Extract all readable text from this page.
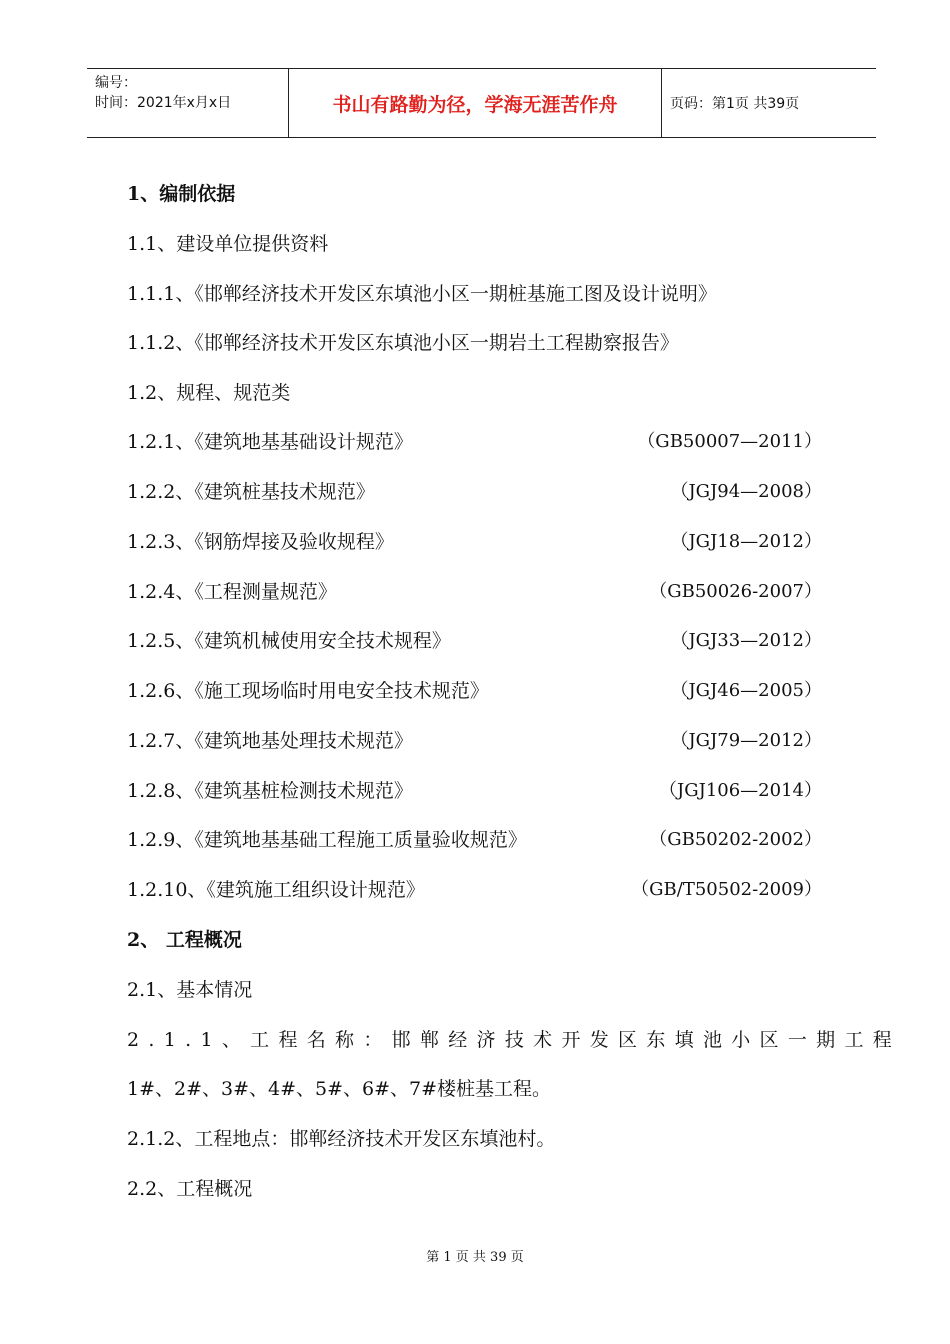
编号：
时间：2021年x月x日	书山有路勤为径，学海无涯苦作舟	页码：第1页 共39页
1、编制依据
1.1、建设单位提供资料
1.1.1、《邯郸经济技术开发区东填池小区一期桩基施工图及设计说明》
1.1.2、《邯郸经济技术开发区东填池小区一期岩土工程勘察报告》
1.2、规程、规范类
1.2.1、《建筑地基基础设计规范》	（GB50007—2011）
1.2.2、《建筑桩基技术规范》	（JGJ94—2008）
1.2.3、《钢筋焊接及验收规程》	（JGJ18—2012）
1.2.4、《工程测量规范》	（GB50026-2007）
1.2.5、《建筑机械使用安全技术规程》	（JGJ33—2012）
1.2.6、《施工现场临时用电安全技术规范》	（JGJ46—2005）
1.2.7、《建筑地基处理技术规范》	（JGJ79—2012）
1.2.8、《建筑基桩检测技术规范》	（JGJ106—2014）
1.2.9、《建筑地基基础工程施工质量验收规范》	（GB50202-2002）
1.2.10、《建筑施工组织设计规范》	（GB/T50502-2009）
2、 工程概况
2.1、基本情况
2.1.1、工程名称：邯郸经济技术开发区东填池小区一期工程
1#、2#、3#、4#、5#、6#、7#楼桩基工程。
2.1.2、工程地点：邯郸经济技术开发区东填池村。
2.2、工程概况
第 1 页 共 39 页
